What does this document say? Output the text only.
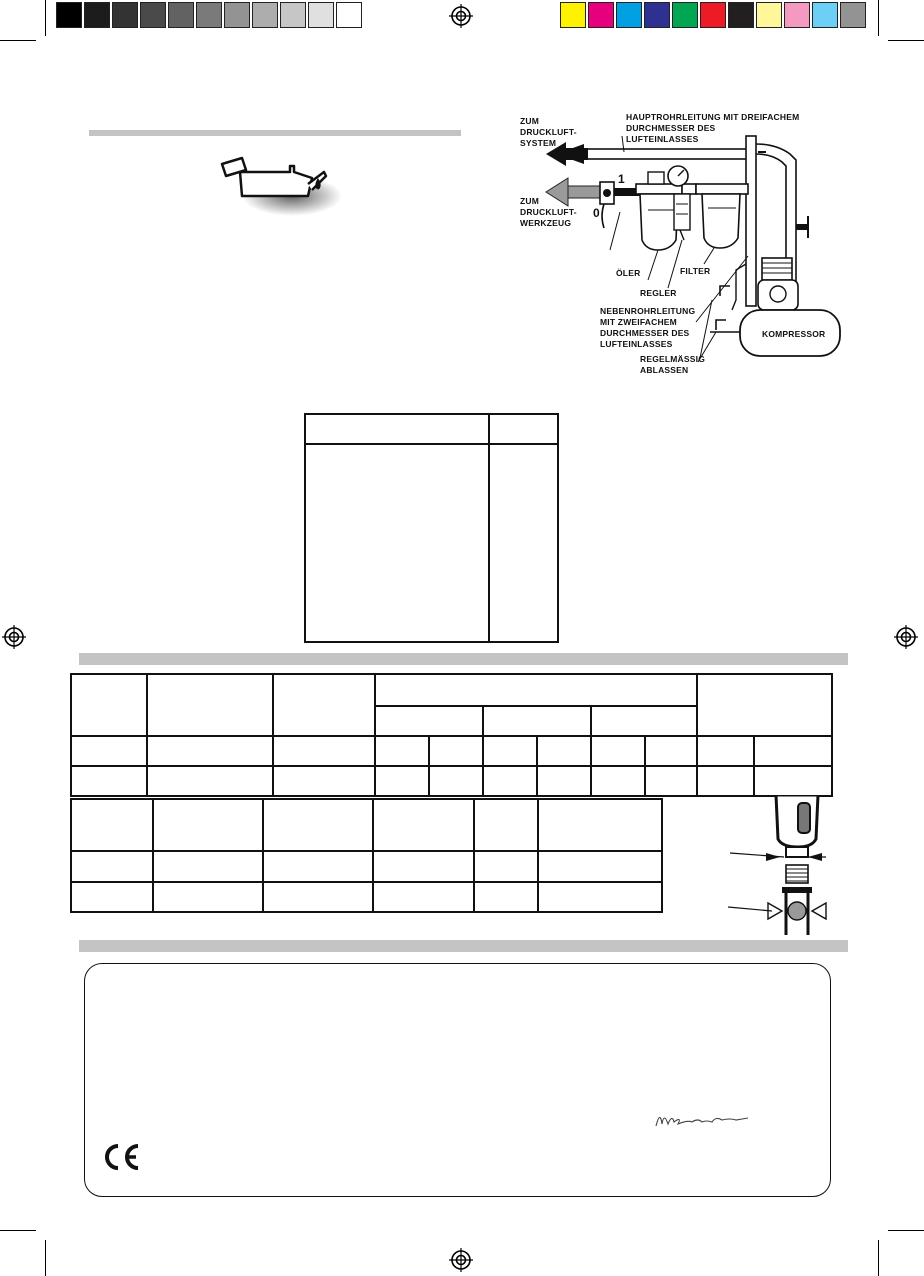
1
0
ZUM DRUCKLUFT- SYSTEM
ZUM DRUCKLUFT- WERKZEUG
HAUPTROHRLEITUNG MIT DREIFACHEM DURCHMESSER DES LUFTEINLASSES
ÖLER
REGLER
FILTER
NEBENROHRLEITUNG MIT ZWEIFACHEM DURCHMESSER DES LUFTEINLASSES
KOMPRESSOR
REGELMÄSSIG ABLASSEN
